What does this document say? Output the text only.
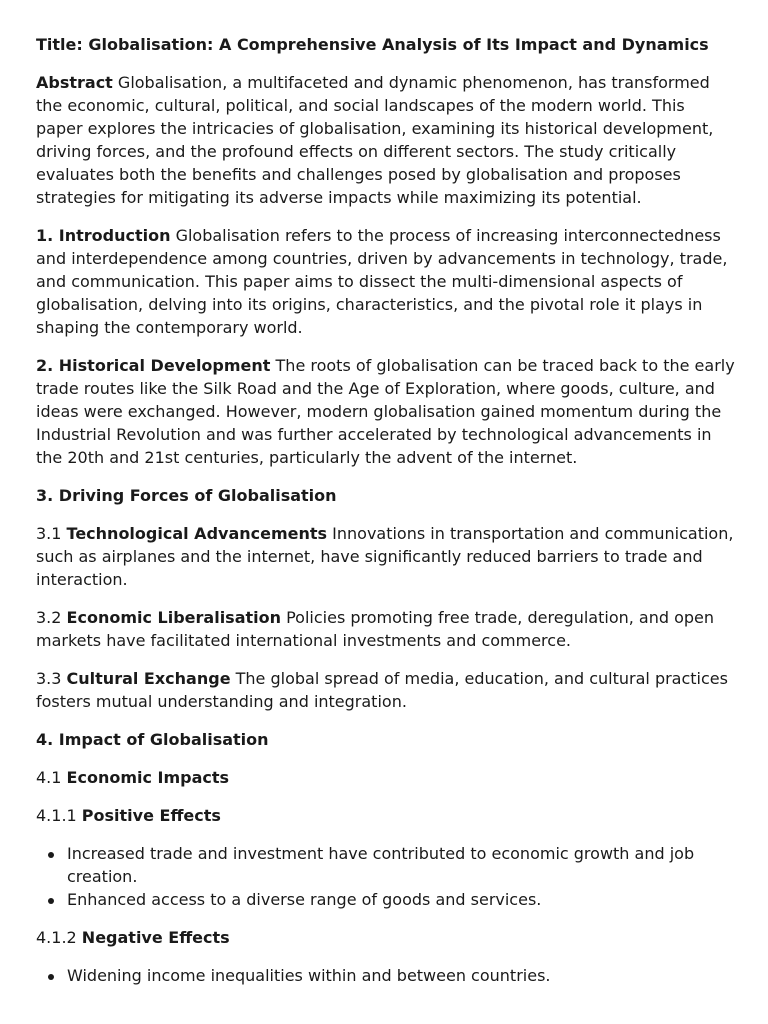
Title: Globalisation: A Comprehensive Analysis of Its Impact and Dynamics

Abstract Globalisation, a multifaceted and dynamic phenomenon, has transformed the economic, cultural, political, and social landscapes of the modern world. This paper explores the intricacies of globalisation, examining its historical development, driving forces, and the profound effects on different sectors. The study critically evaluates both the benefits and challenges posed by globalisation and proposes strategies for mitigating its adverse impacts while maximizing its potential.

1. Introduction Globalisation refers to the process of increasing interconnectedness and interdependence among countries, driven by advancements in technology, trade, and communication. This paper aims to dissect the multi-dimensional aspects of globalisation, delving into its origins, characteristics, and the pivotal role it plays in shaping the contemporary world.

2. Historical Development The roots of globalisation can be traced back to the early trade routes like the Silk Road and the Age of Exploration, where goods, culture, and ideas were exchanged. However, modern globalisation gained momentum during the Industrial Revolution and was further accelerated by technological advancements in the 20th and 21st centuries, particularly the advent of the internet.

3. Driving Forces of Globalisation

3.1 Technological Advancements Innovations in transportation and communication, such as airplanes and the internet, have significantly reduced barriers to trade and interaction.

3.2 Economic Liberalisation Policies promoting free trade, deregulation, and open markets have facilitated international investments and commerce.

3.3 Cultural Exchange The global spread of media, education, and cultural practices fosters mutual understanding and integration.

4. Impact of Globalisation

4.1 Economic Impacts

4.1.1 Positive Effects

Increased trade and investment have contributed to economic growth and job creation.
Enhanced access to a diverse range of goods and services.

4.1.2 Negative Effects

Widening income inequalities within and between countries.
